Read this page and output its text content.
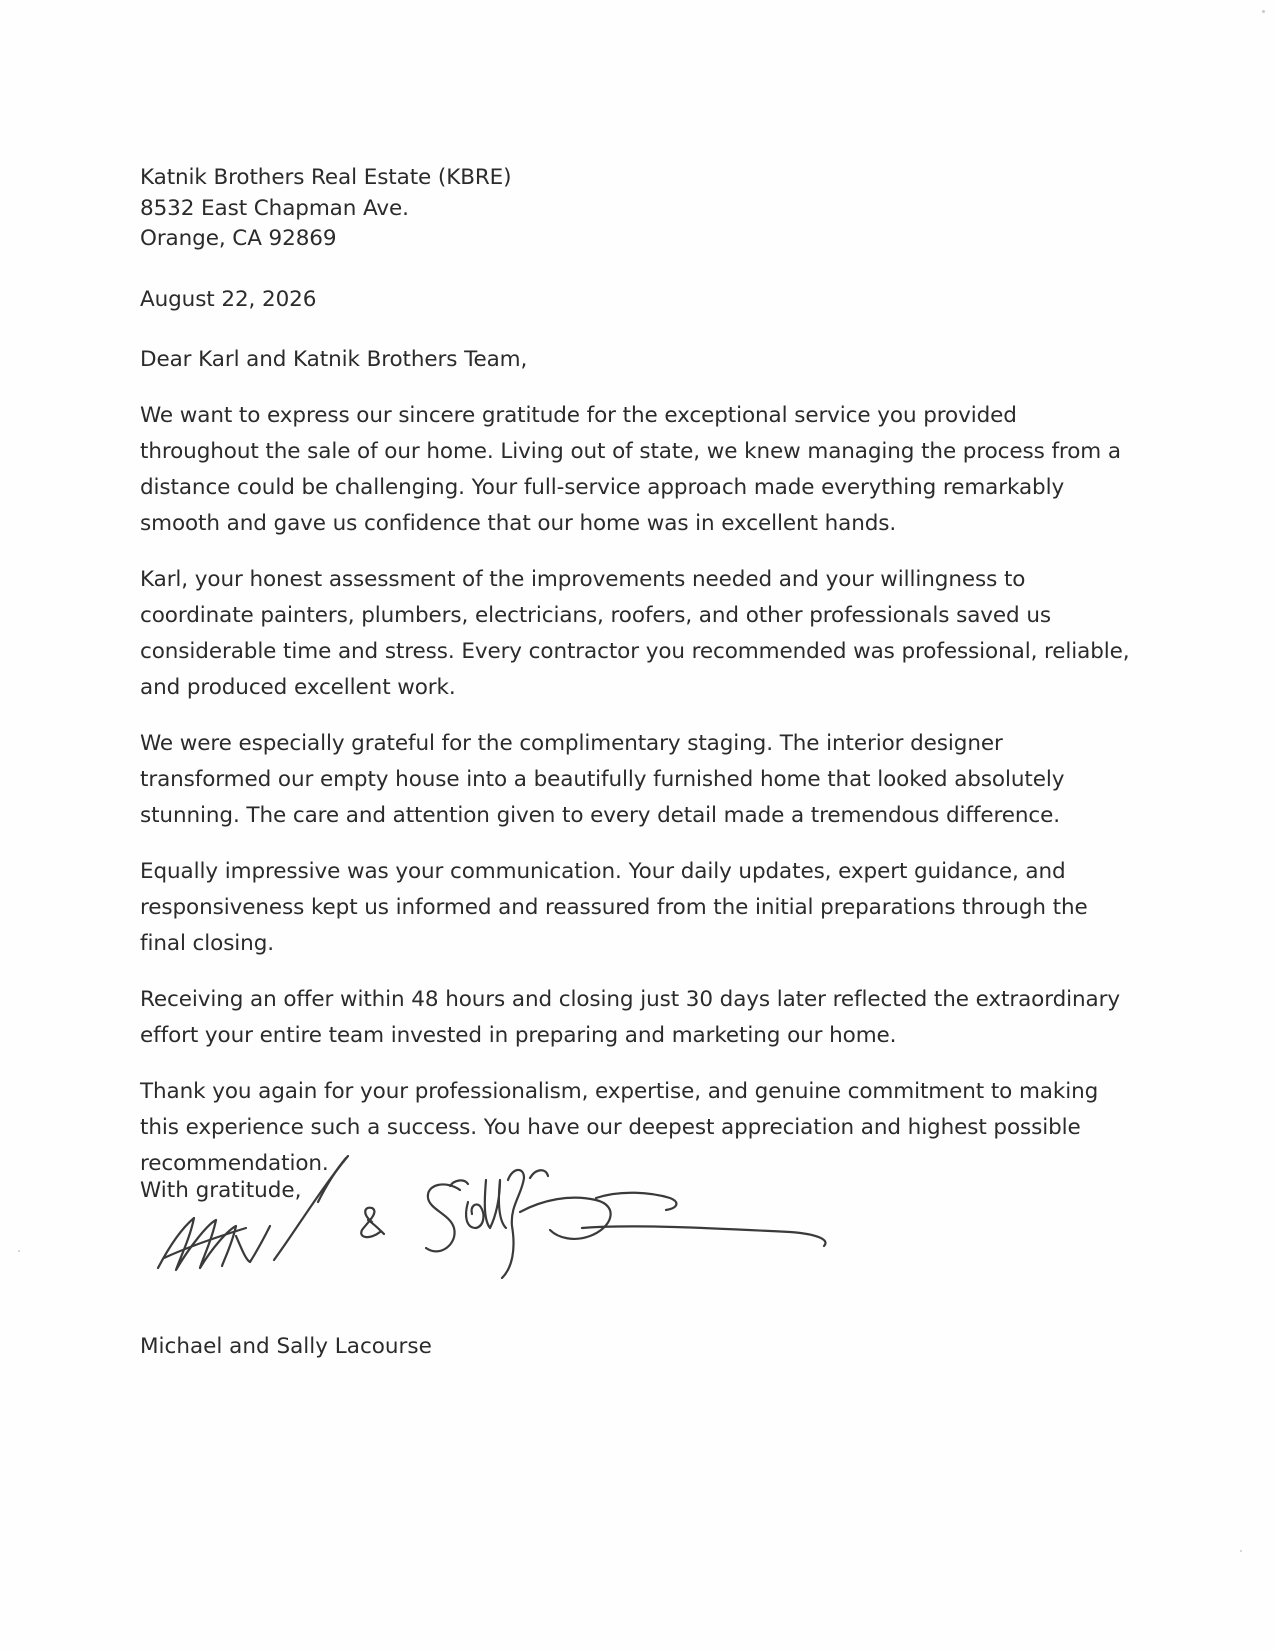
Katnik Brothers Real Estate (KBRE)

8532 East Chapman Ave.

Orange, CA 92869

August 22, 2026

Dear Karl and Katnik Brothers Team,

We want to express our sincere gratitude for the exceptional service you provided throughout the sale of our home. Living out of state, we knew managing the process from a distance could be challenging. Your full-service approach made everything remarkably smooth and gave us confidence that our home was in excellent hands.

Karl, your honest assessment of the improvements needed and your willingness to coordinate painters, plumbers, electricians, roofers, and other professionals saved us considerable time and stress. Every contractor you recommended was professional, reliable, and produced excellent work.

We were especially grateful for the complimentary staging. The interior designer transformed our empty house into a beautifully furnished home that looked absolutely stunning. The care and attention given to every detail made a tremendous difference.

Equally impressive was your communication. Your daily updates, expert guidance, and responsiveness kept us informed and reassured from the initial preparations through the final closing.

Receiving an offer within 48 hours and closing just 30 days later reflected the extraordinary effort your entire team invested in preparing and marketing our home.

Thank you again for your professionalism, expertise, and genuine commitment to making this experience such a success. You have our deepest appreciation and highest possible recommendation.

With gratitude,

Michael and Sally Lacourse
